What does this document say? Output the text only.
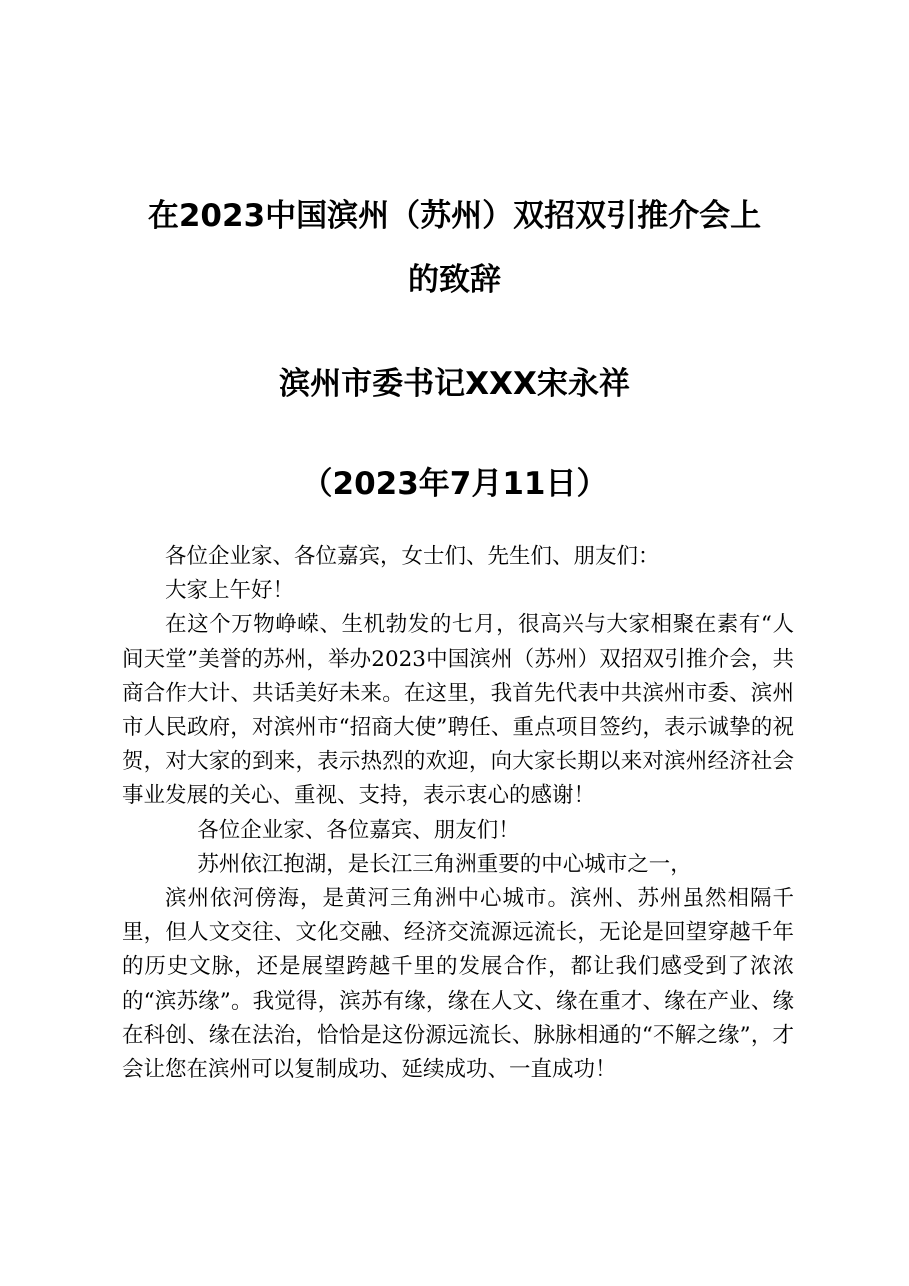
在2023中国滨州（苏州）双招双引推介会上
的致辞
滨州市委书记XXX宋永祥
（2023年7月11日）

各位企业家、各位嘉宾，女士们、先生们、朋友们：

大家上午好！

在这个万物峥嵘、生机勃发的七月，很高兴与大家相聚在素有“人间天堂”美誉的苏州，举办2023中国滨州（苏州）双招双引推介会，共商合作大计、共话美好未来。在这里，我首先代表中共滨州市委、滨州市人民政府，对滨州市“招商大使”聘任、重点项目签约，表示诚挚的祝贺，对大家的到来，表示热烈的欢迎，向大家长期以来对滨州经济社会事业发展的关心、重视、支持，表示衷心的感谢！

各位企业家、各位嘉宾、朋友们！

苏州依江抱湖，是长江三角洲重要的中心城市之一，

滨州依河傍海，是黄河三角洲中心城市。滨州、苏州虽然相隔千里，但人文交往、文化交融、经济交流源远流长，无论是回望穿越千年的历史文脉，还是展望跨越千里的发展合作，都让我们感受到了浓浓的“滨苏缘”。我觉得，滨苏有缘，缘在人文、缘在重才、缘在产业、缘在科创、缘在法治，恰恰是这份源远流长、脉脉相通的“不解之缘”，才会让您在滨州可以复制成功、延续成功、一直成功！
